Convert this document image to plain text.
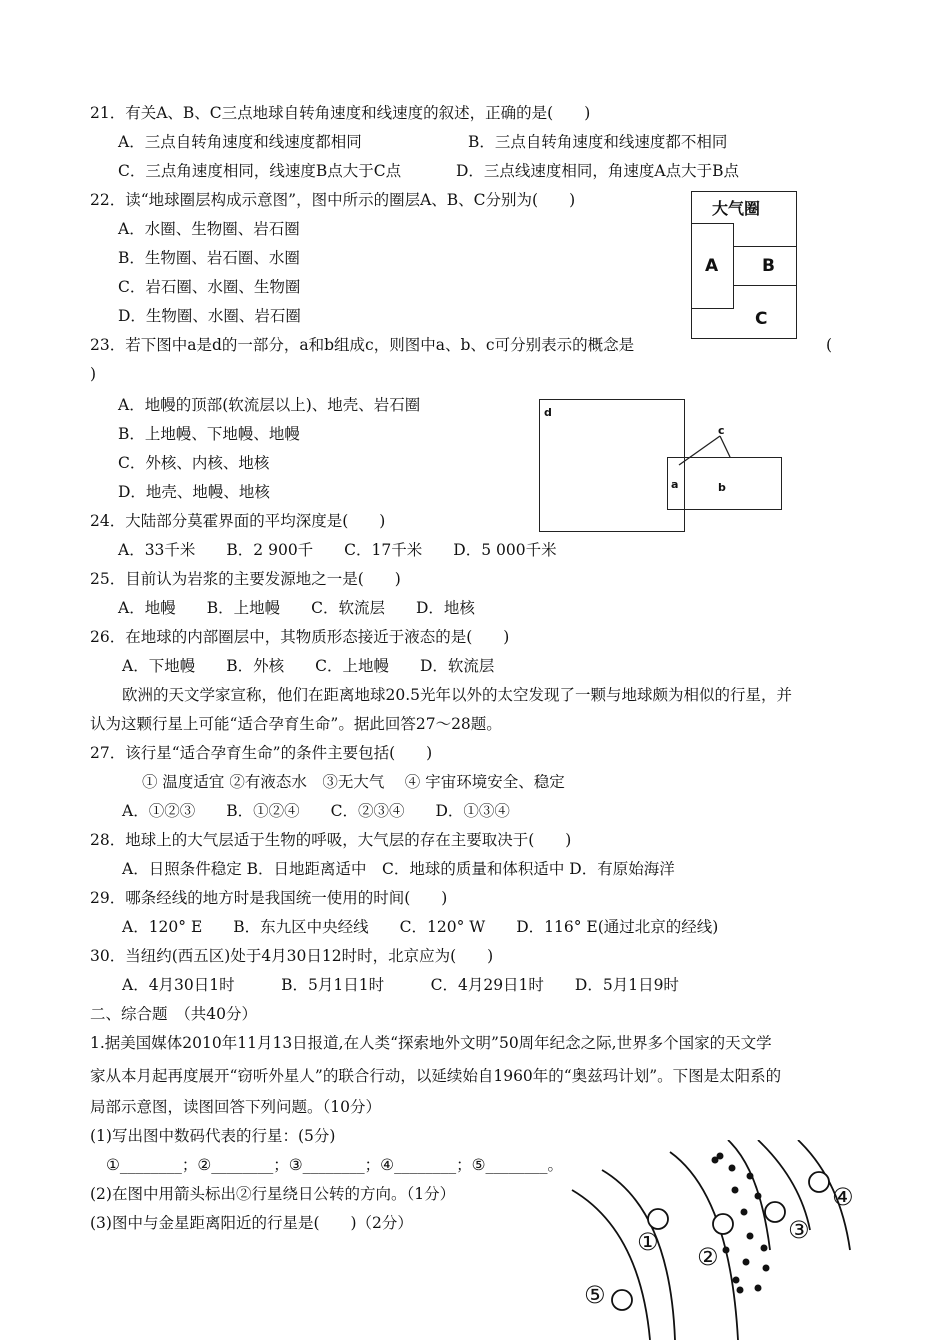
21．有关A、B、C三点地球自转角速度和线速度的叙述，正确的是(　　)
A．三点自转角速度和线速度都相同	B．三点自转角速度和线速度都不相同
C．三点角速度相同，线速度B点大于C点	D．三点线速度相同，角速度A点大于B点
22．读“地球圈层构成示意图”，图中所示的圈层A、B、C分别为(　　)
A．水圈、生物圈、岩石圈
B．生物圈、岩石圈、水圈
C．岩石圈、水圈、生物圈
D．生物圈、水圈、岩石圈
大气圈
A	B
C
23．若下图中a是d的一部分，a和b组成c，则图中a、b、c可分别表示的概念是	(
)
A．地幔的顶部(软流层以上)、地壳、岩石圈
B．上地幔、下地幔、地幔
C．外核、内核、地核
D．地壳、地幔、地核
d
c
a	b
24．大陆部分莫霍界面的平均深度是(　　)
A．33千米　　B．2 900千　　C．17千米　　D．5 000千米
25．目前认为岩浆的主要发源地之一是(　　)
A．地幔　　B．上地幔　　C．软流层　　D．地核
26．在地球的内部圈层中，其物质形态接近于液态的是(　　)
A．下地幔　　B．外核　　C．上地幔　　D．软流层
欧洲的天文学家宣称，他们在距离地球20.5光年以外的太空发现了一颗与地球颇为相似的行星，并
认为这颗行星上可能“适合孕育生命”。据此回答27～28题。
27．该行星“适合孕育生命”的条件主要包括(　　)
① 温度适宜 ②有液态水　③无大气　 ④ 宇宙环境安全、稳定
A．①②③　　B．①②④　　C．②③④　　D．①③④
28．地球上的大气层适于生物的呼吸，大气层的存在主要取决于(　　)
A．日照条件稳定 B．日地距离适中　C．地球的质量和体积适中 D．有原始海洋
29．哪条经线的地方时是我国统一使用的时间(　　)
A．120° E　　B．东九区中央经线　　C．120° W　　D．116° E(通过北京的经线)
30．当纽约(西五区)处于4月30日12时时，北京应为(　　)
A．4月30日1时　　　B．5月1日1时　　　C．4月29日1时　　D．5月1日9时
二、综合题　（共40分）
1.据美国媒体2010年11月13日报道,在人类“探索地外文明”50周年纪念之际,世界多个国家的天文学
家从本月起再度展开“窃听外星人”的联合行动，以延续始自1960年的“奥兹玛计划”。下图是太阳系的
局部示意图，读图回答下列问题。（10分）
(1)写出图中数码代表的行星：(5分)
①________；②________；③________；④________；⑤________。
(2)在图中用箭头标出②行星绕日公转的方向。（1分）
(3)图中与金星距离阳近的行星是(　　)（2分）
①
②
③
④
⑤
